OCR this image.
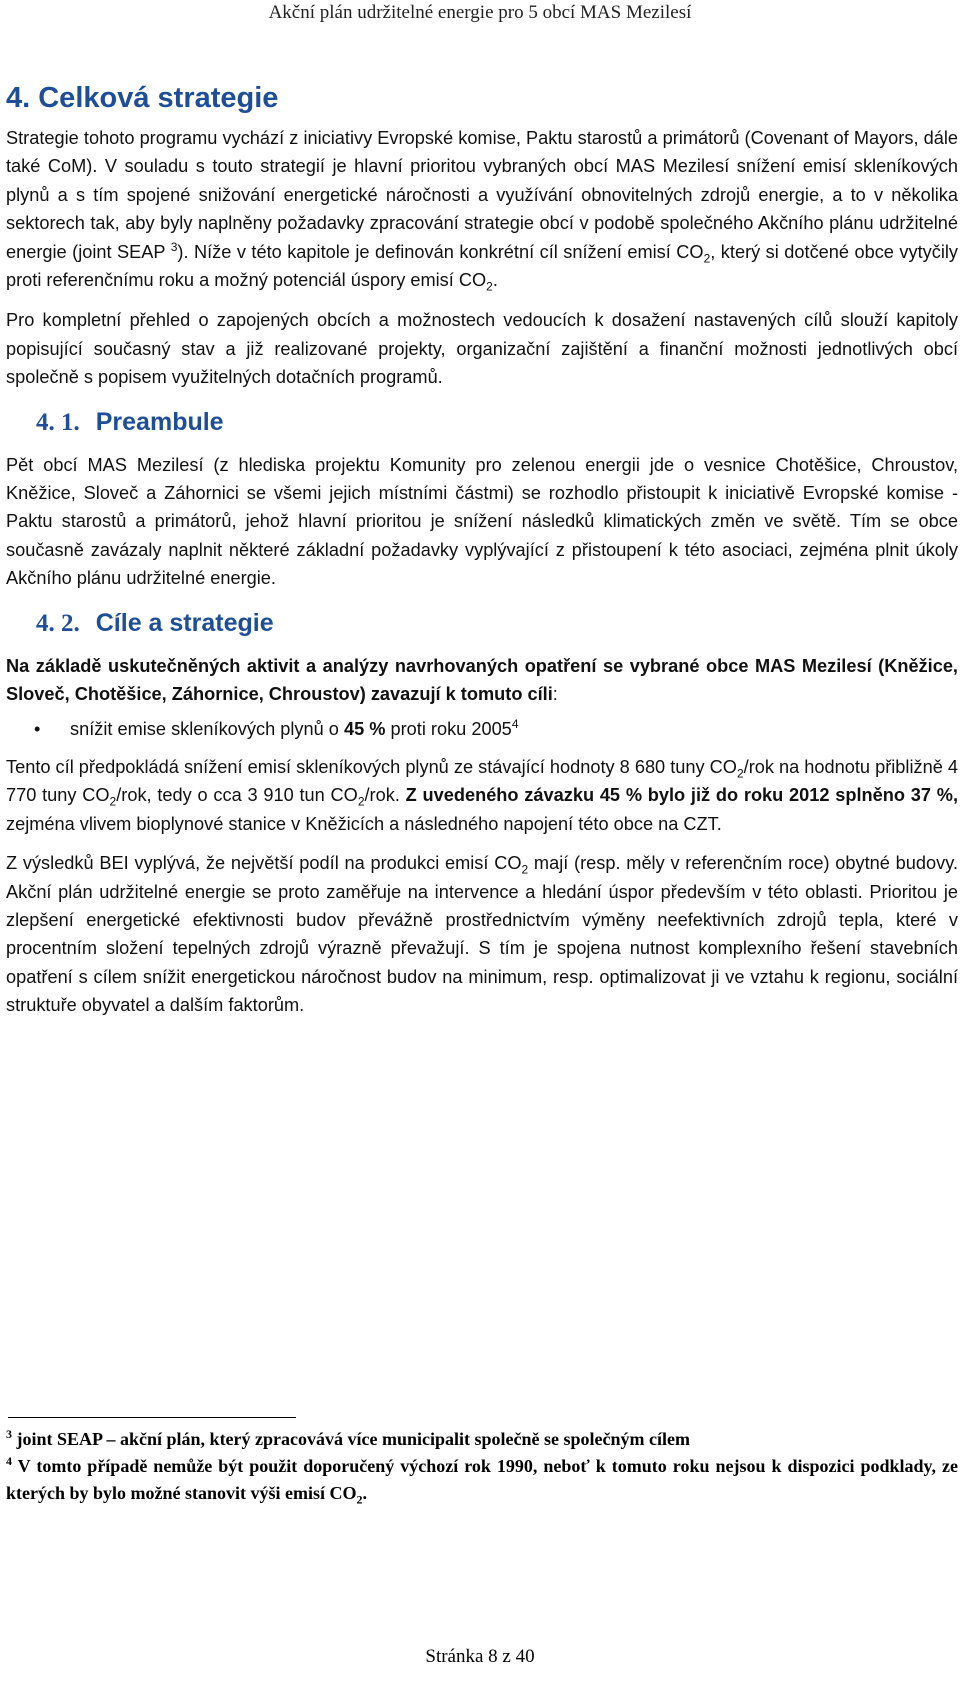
Akční plán udržitelné energie pro 5 obcí MAS Mezilesí
4. Celková strategie

Strategie tohoto programu vychází z iniciativy Evropské komise, Paktu starostů a primátorů (Covenant of Mayors, dále také CoM). V souladu s touto strategií je hlavní prioritou vybraných obcí MAS Mezilesí snížení emisí skleníkových plynů a s tím spojené snižování energetické náročnosti a využívání obnovitelných zdrojů energie, a to v několika sektorech tak, aby byly naplněny požadavky zpracování strategie obcí v podobě společného Akčního plánu udržitelné energie (joint SEAP $^3$). Níže v této kapitole je definován konkrétní cíl snížení emisí $CO_2$, který si dotčené obce vytyčily proti referenčnímu roku a možný potenciál úspory emisí $CO_2$.

Pro kompletní přehled o zapojených obcích a možnostech vedoucích k dosažení nastavených cílů slouží kapitoly popisující současný stav a již realizované projekty, organizační zajištění a finanční možnosti jednotlivých obcí společně s popisem využitelných dotačních programů.

4. 1. Preambule

Pět obcí MAS Mezilesí (z hlediska projektu Komunity pro zelenou energii jde o vesnice Chotěšice, Chroustov, Kněžice, Sloveč a Záhornici se všemi jejich místními částmi) se rozhodlo přistoupit k iniciativě Evropské komise - Paktu starostů a primátorů, jehož hlavní prioritou je snížení následků klimatických změn ve světě. Tím se obce současně zavázaly naplnit některé základní požadavky vyplývající z přistoupení k této asociaci, zejména plnit úkoly Akčního plánu udržitelné energie.

4. 2. Cíle a strategie

Na základě uskutečněných aktivit a analýzy navrhovaných opatření se vybrané obce MAS Mezilesí (Kněžice, Sloveč, Chotěšice, Záhornice, Chroustov) zavazují k tomuto cíli:

• snížit emise skleníkových plynů o 45 % proti roku 2005$^4$

Tento cíl předpokládá snížení emisí skleníkových plynů ze stávající hodnoty 8 680 tuny $CO_2$/rok na hodnotu přibližně 4 770 tuny $CO_2$/rok, tedy o cca 3 910 tun $CO_2$/rok. Z uvedeného závazku 45 % bylo již do roku 2012 splněno 37 %, zejména vlivem bioplynové stanice v Kněžicích a následného napojení této obce na CZT.

Z výsledků BEI vyplývá, že největší podíl na produkci emisí $CO_2$ mají (resp. měly v referenčním roce) obytné budovy. Akční plán udržitelné energie se proto zaměřuje na intervence a hledání úspor především v této oblasti. Prioritou je zlepšení energetické efektivnosti budov převážně prostřednictvím výměny neefektivních zdrojů tepla, které v procentním složení tepelných zdrojů výrazně převažují. S tím je spojena nutnost komplexního řešení stavebních opatření s cílem snížit energetickou náročnost budov na minimum, resp. optimalizovat ji ve vztahu k regionu, sociální struktuře obyvatel a dalším faktorům.

$^3$ joint SEAP – akční plán, který zpracovává více municipalit společně se společným cílem

$^4$ V tomto případě nemůže být použit doporučený výchozí rok 1990, neboť k tomuto roku nejsou k dispozici podklady, ze kterých by bylo možné stanovit výši emisí $CO_2$.

Stránka 8 z 40
